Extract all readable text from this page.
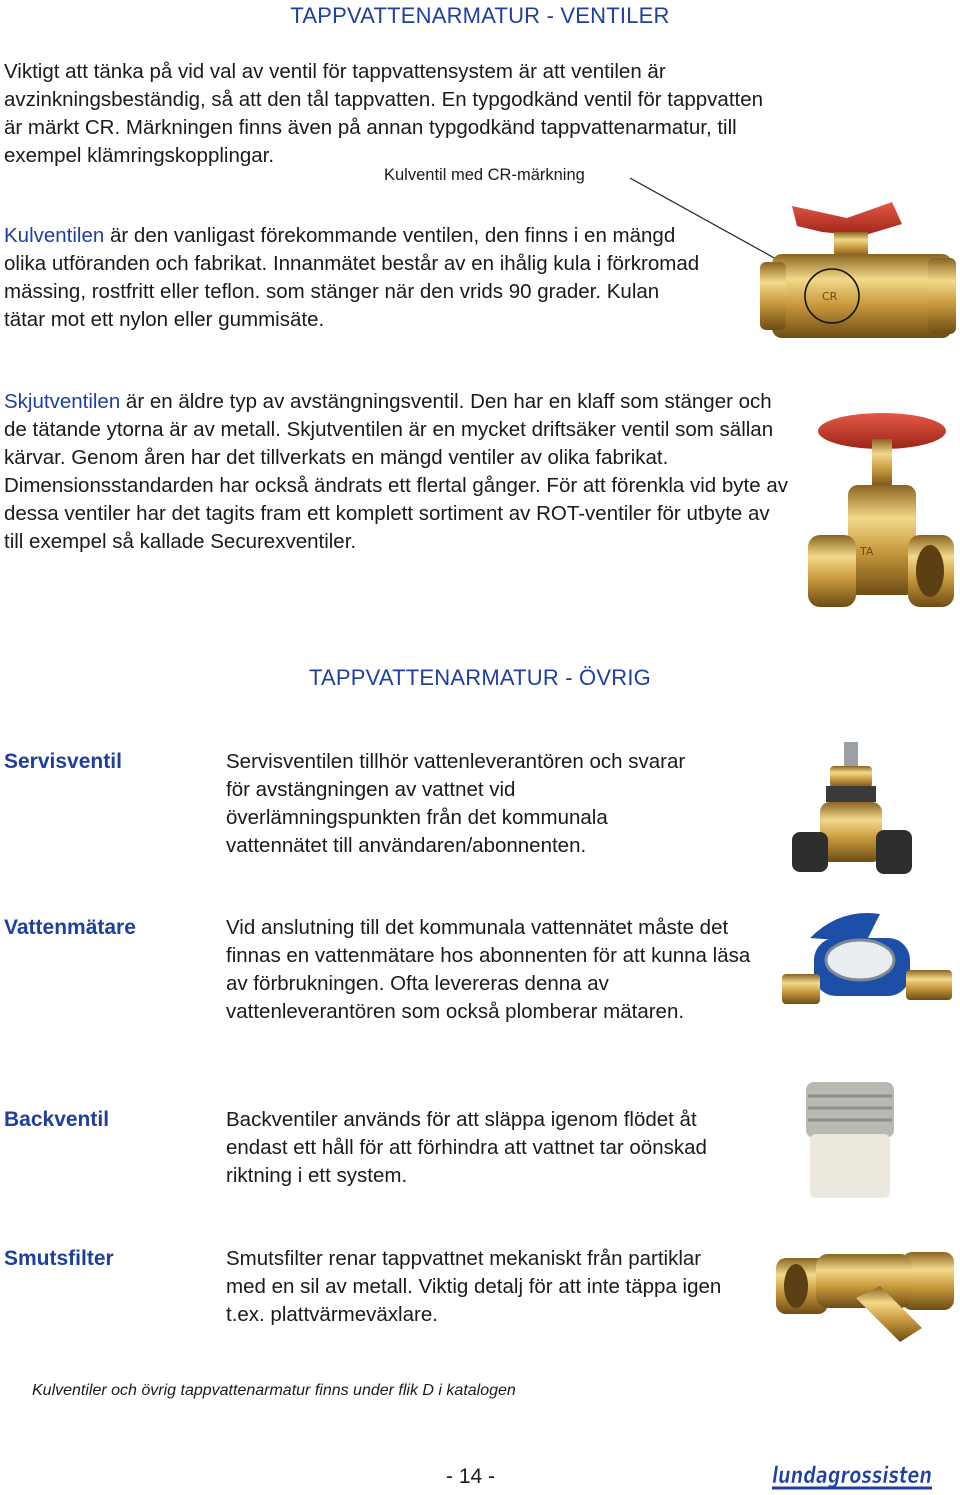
TAPPVATTENARMATUR - VENTILER
Viktigt att tänka på vid val av ventil för tappvattensystem är att ventilen är avzinkningsbeständig, så att den tål tappvatten. En typgodkänd ventil för tappvatten är märkt CR. Märkningen finns även på annan typgodkänd tappvattenarmatur, till exempel klämringskopplingar.
Kulventil med CR-märkning
Kulventilen är den vanligast förekommande ventilen, den finns i en mängd olika utföranden och fabrikat. Innanmätet består av en ihålig kula i förkromad mässing, rostfritt eller teflon. som stänger när den vrids 90 grader. Kulan tätar mot ett nylon eller gummisäte.
CR
Skjutventilen är en äldre typ av avstängningsventil. Den har en klaff som stänger och de tätande ytorna är av metall. Skjutventilen är en mycket driftsäker ventil som sällan kärvar. Genom åren har det tillverkats en mängd ventiler av olika fabrikat. Dimensionsstandarden har också ändrats ett flertal gånger. För att förenkla vid byte av dessa ventiler har det tagits fram ett komplett sortiment av ROT-ventiler för utbyte av till exempel så kallade Securexventiler.	TA
TAPPVATTENARMATUR - ÖVRIG
Servisventil	Servisventilen tillhör vattenleverantören och svarar för avstängningen av vattnet vid överlämningspunkten från det kommunala vattennätet till användaren/abonnenten.
Vattenmätare	Vid anslutning till det kommunala vattennätet måste det finnas en vattenmätare hos abonnenten för att kunna läsa av förbrukningen. Ofta levereras denna av vattenleverantören som också plomberar mätaren.
Backventil	Backventiler används för att släppa igenom flödet åt endast ett håll för att förhindra att vattnet tar oönskad riktning i ett system.
Smutsfilter	Smutsfilter renar tappvattnet mekaniskt från partiklar med en sil av metall. Viktig detalj för att inte täppa igen t.ex. plattvärmeväxlare.
Kulventiler och övrig tappvattenarmatur finns under flik D i katalogen
- 14 -	lundagrossisten
